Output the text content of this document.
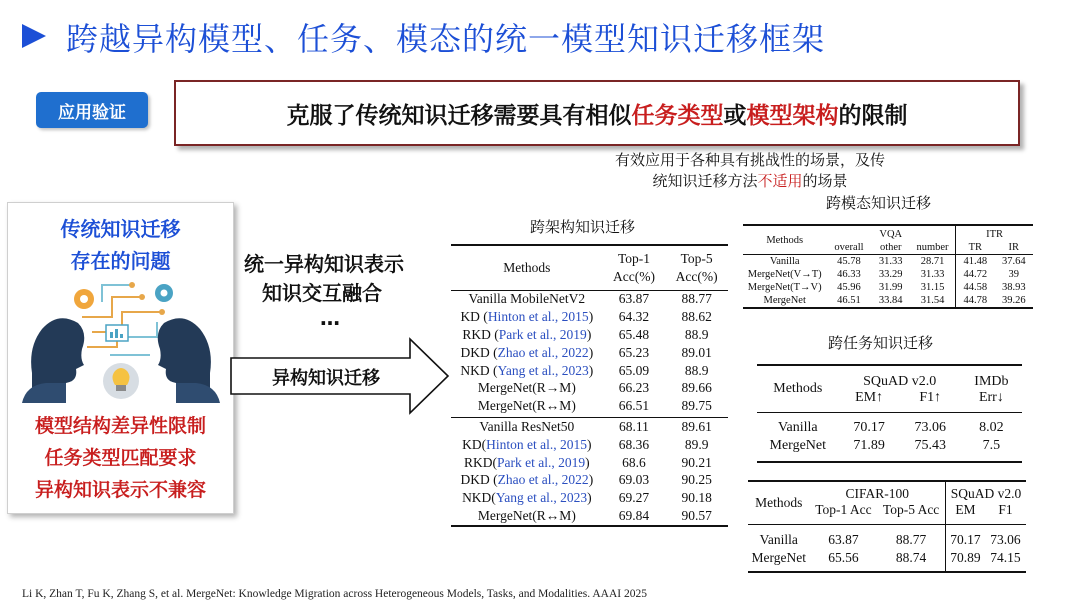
跨越异构模型、任务、模态的统一模型知识迁移框架
应用验证	克服了传统知识迁移需要具有相似任务类型或模型架构的限制
有效应用于各种具有挑战性的场景，及传
统知识迁移方法不适用的场景
传统知识迁移
存在的问题
模型结构差异性限制
任务类型匹配要求
异构知识表示不兼容
统一异构知识表示
知识交互融合
…
异构知识迁移
跨架构知识迁移
Methods	Top-1	Top-5
	Acc(%)	Acc(%)
Vanilla MobileNetV2	63.87	88.77
KD (Hinton et al., 2015)	64.32	88.62
RKD (Park et al., 2019)	65.48	88.9
DKD (Zhao et al., 2022)	65.23	89.01
NKD (Yang et al., 2023)	65.09	88.9
MergeNet(R→M)	66.23	89.66
MergeNet(R↔M)	66.51	89.75
Vanilla ResNet50	68.11	89.61
KD(Hinton et al., 2015)	68.36	89.9
RKD(Park et al., 2019)	68.6	90.21
DKD (Zhao et al., 2022)	69.03	90.25
NKD(Yang et al., 2023)	69.27	90.18
MergeNet(R↔M)	69.84	90.57
跨模态知识迁移
Methods	VQA			ITR	
	overall	other	number	TR	IR
Vanilla	45.78	31.33	28.71	41.48	37.64
MergeNet(V→T)	46.33	33.29	31.33	44.72	39
MergeNet(T→V)	45.96	31.99	31.15	44.58	38.93
MergeNet	46.51	33.84	31.54	44.78	39.26
跨任务知识迁移
Methods	SQuAD v2.0		IMDb
	EM↑	F1↑	Err↓
Vanilla	70.17	73.06	8.02
MergeNet	71.89	75.43	7.5
Methods	CIFAR-100		SQuAD v2.0	
	Top-1 Acc	Top-5 Acc	EM	F1
Vanilla	63.87	88.77	70.17	73.06
MergeNet	65.56	88.74	70.89	74.15
Li K, Zhan T, Fu K, Zhang S, et al. MergeNet: Knowledge Migration across Heterogeneous Models, Tasks, and Modalities. AAAI 2025
